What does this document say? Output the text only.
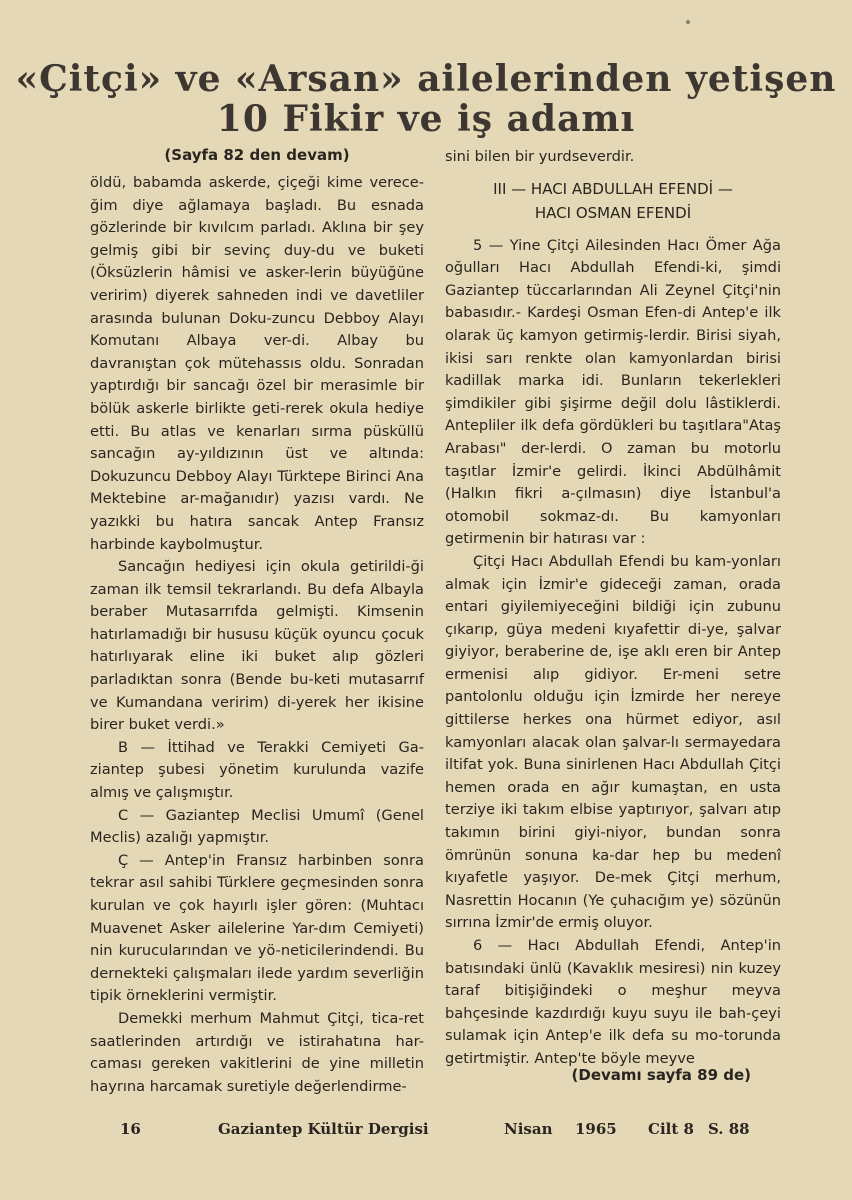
«Çitçi» ve «Arsan» ailelerinden yetişen
10 Fikir ve iş adamı
(Sayfa 82 den devam)

öldü, babamda askerde, çiçeği kime verece-ğim diye ağlamaya başladı. Bu esnada gözlerinde bir kıvılcım parladı. Aklına bir şey gelmiş gibi bir sevinç duy-du ve buketi (Öksüzlerin hâmisi ve asker-lerin büyüğüne veririm) diyerek sahneden indi ve davetliler arasında bulunan Doku-zuncu Debboy Alayı Komutanı Albaya ver-di. Albay bu davranıştan çok mütehassıs oldu. Sonradan yaptırdığı bir sancağı özel bir merasimle bir bölük askerle birlikte geti-rerek okula hediye etti. Bu atlas ve kenarları sırma püsküllü sancağın ay-yıldızının üst ve altında: Dokuzuncu Debboy Alayı Türktepe Birinci Ana Mektebine ar-mağanıdır) yazısı vardı. Ne yazıkki bu hatıra sancak Antep Fransız harbinde kaybolmuştur.

Sancağın hediyesi için okula getirildi-ği zaman ilk temsil tekrarlandı. Bu defa Albayla beraber Mutasarrıfda gelmişti. Kimsenin hatırlamadığı bir hususu küçük oyuncu çocuk hatırlıyarak eline iki buket alıp gözleri parladıktan sonra (Bende bu-keti mutasarrıf ve Kumandana veririm) di-yerek her ikisine birer buket verdi.»

B — İttihad ve Terakki Cemiyeti Ga-ziantep şubesi yönetim kurulunda vazife almış ve çalışmıştır.

C — Gaziantep Meclisi Umumî (Genel Meclis) azalığı yapmıştır.

Ç — Antep'in Fransız harbinben sonra tekrar asıl sahibi Türklere geçmesinden sonra kurulan ve çok hayırlı işler gören: (Muhtacı Muavenet Asker ailelerine Yar-dım Cemiyeti) nin kurucularından ve yö-neticilerindendi. Bu dernekteki çalışmaları ilede yardım severliğin tipik örneklerini vermiştir.

Demekki merhum Mahmut Çitçi, tica-ret saatlerinden artırdığı ve istirahatına har-caması gereken vakitlerini de yine milletin hayrına harcamak suretiyle değerlendirme-

sini bilen bir yurdseverdir.

III — HACI ABDULLAH EFENDİ —
HACI OSMAN EFENDİ

5 — Yine Çitçi Ailesinden Hacı Ömer Ağa oğulları Hacı Abdullah Efendi-ki, şimdi Gaziantep tüccarlarından Ali Zeynel Çitçi'nin babasıdır.- Kardeşi Osman Efen-di Antep'e ilk olarak üç kamyon getirmiş-lerdir. Birisi siyah, ikisi sarı renkte olan kamyonlardan birisi kadillak marka idi. Bunların tekerlekleri şimdikiler gibi şişirme değil dolu lâstiklerdi. Antepliler ilk defa gördükleri bu taşıtlara"Ataş Arabası" der-lerdi. O zaman bu motorlu taşıtlar İzmir'e gelirdi. İkinci Abdülhâmit (Halkın fikri a-çılmasın) diye İstanbul'a otomobil sokmaz-dı. Bu kamyonları getirmenin bir hatırası var :

Çitçi Hacı Abdullah Efendi bu kam-yonları almak için İzmir'e gideceği zaman, orada entari giyilemiyeceğini bildiği için zubunu çıkarıp, güya medeni kıyafettir di-ye, şalvar giyiyor, beraberine de, işe aklı eren bir Antep ermenisi alıp gidiyor. Er-meni setre pantolonlu olduğu için İzmirde her nereye gittilerse herkes ona hürmet ediyor, asıl kamyonları alacak olan şalvar-lı sermayedara iltifat yok. Buna sinirlenen Hacı Abdullah Çitçi hemen orada en ağır kumaştan, en usta terziye iki takım elbise yaptırıyor, şalvarı atıp takımın birini giyi-niyor, bundan sonra ömrünün sonuna ka-dar hep bu medenî kıyafetle yaşıyor. De-mek Çitçi merhum, Nasrettin Hocanın (Ye çuhacığım ye) sözünün sırrına İzmir'de ermiş oluyor.

6 — Hacı Abdullah Efendi, Antep'in batısındaki ünlü (Kavaklık mesiresi) nin kuzey taraf bitişiğindeki o meşhur meyva bahçesinde kazdırdığı kuyu suyu ile bah-çeyi sulamak için Antep'e ilk defa su mo-torunda getirtmiştir. Antep'te böyle meyve

(Devamı sayfa 89 de)
16	Gaziantep Kültür Dergisi	Nisan 1965 Cilt 8 S. 88
